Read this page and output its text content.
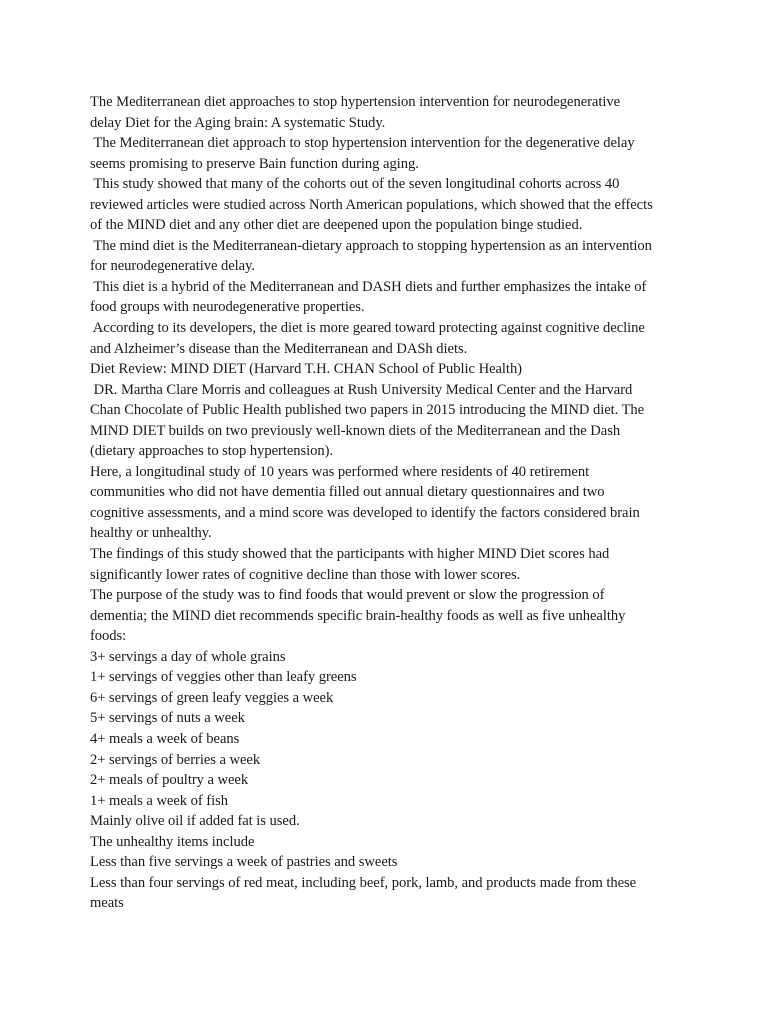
The Mediterranean diet approaches to stop hypertension intervention for neurodegenerative
delay Diet for the Aging brain: A systematic Study.
The Mediterranean diet approach to stop hypertension intervention for the degenerative delay
seems promising to preserve Bain function during aging.
This study showed that many of the cohorts out of the seven longitudinal cohorts across 40
reviewed articles were studied across North American populations, which showed that the effects
of the MIND diet and any other diet are deepened upon the population binge studied.
The mind diet is the Mediterranean-dietary approach to stopping hypertension as an intervention
for neurodegenerative delay.
This diet is a hybrid of the Mediterranean and DASH diets and further emphasizes the intake of
food groups with neurodegenerative properties.
According to its developers, the diet is more geared toward protecting against cognitive decline
and Alzheimer’s disease than the Mediterranean and DASh diets.
Diet Review: MIND DIET (Harvard T.H. CHAN School of Public Health)
DR. Martha Clare Morris and colleagues at Rush University Medical Center and the Harvard
Chan Chocolate of Public Health published two papers in 2015 introducing the MIND diet. The
MIND DIET builds on two previously well-known diets of the Mediterranean and the Dash
(dietary approaches to stop hypertension).
Here, a longitudinal study of 10 years was performed where residents of 40 retirement
communities who did not have dementia filled out annual dietary questionnaires and two
cognitive assessments, and a mind score was developed to identify the factors considered brain
healthy or unhealthy.
The findings of this study showed that the participants with higher MIND Diet scores had
significantly lower rates of cognitive decline than those with lower scores.
The purpose of the study was to find foods that would prevent or slow the progression of
dementia; the MIND diet recommends specific brain-healthy foods as well as five unhealthy
foods:
3+ servings a day of whole grains
1+ servings of veggies other than leafy greens
6+ servings of green leafy veggies a week
5+ servings of nuts a week
4+ meals a week of beans
2+ servings of berries a week
2+ meals of poultry a week
1+ meals a week of fish
Mainly olive oil if added fat is used.
The unhealthy items include
Less than five servings a week of pastries and sweets
Less than four servings of red meat, including beef, pork, lamb, and products made from these
meats
